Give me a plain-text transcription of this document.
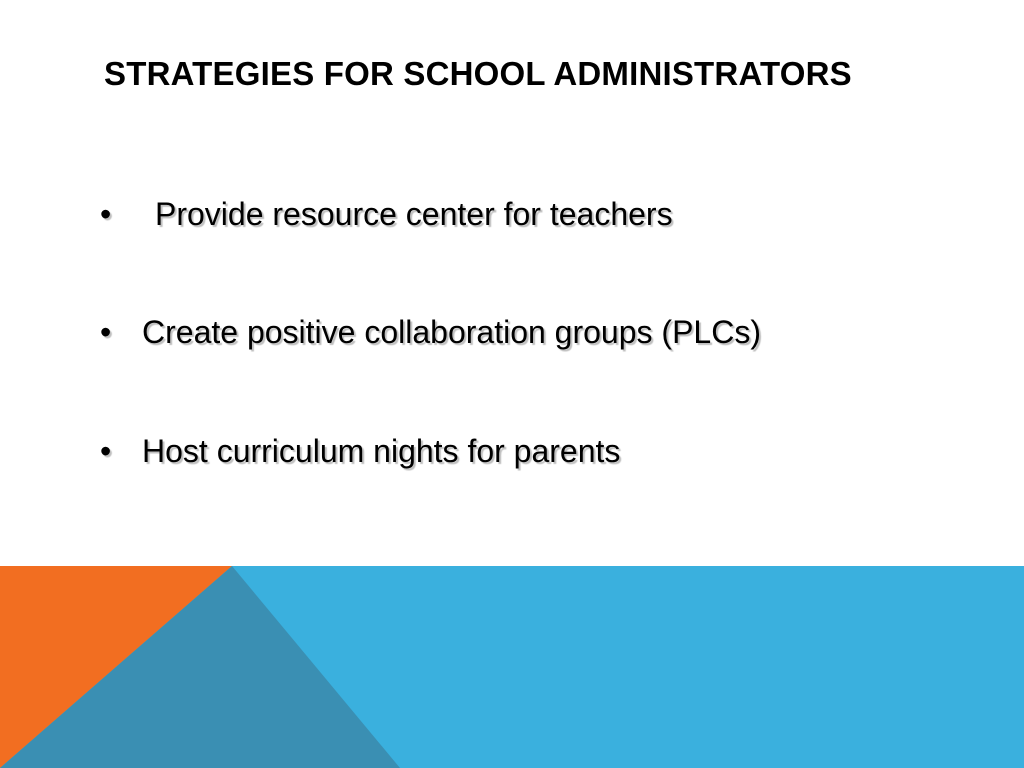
STRATEGIES FOR SCHOOL ADMINISTRATORS
• Provide resource center for teachers
• Create positive collaboration groups (PLCs)
• Host curriculum nights for parents
